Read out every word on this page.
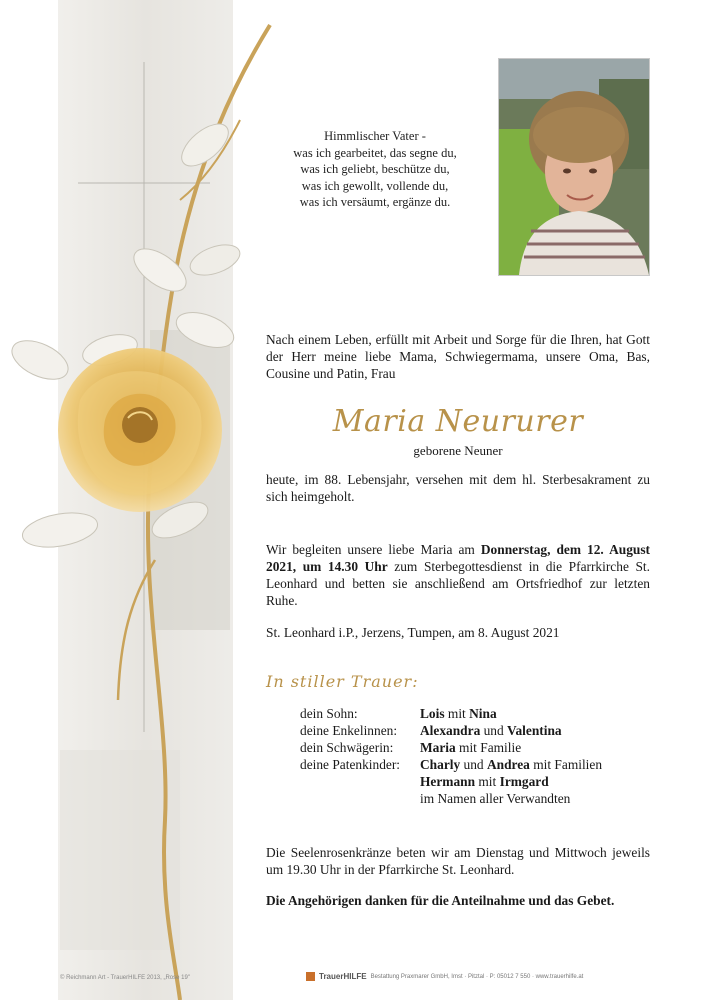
Himmlischer Vater -
was ich gearbeitet, das segne du,
was ich geliebt, beschütze du,
was ich gewollt, vollende du,
was ich versäumt, ergänze du.
Nach einem Leben, erfüllt mit Arbeit und Sorge für die Ihren, hat Gott der Herr meine liebe Mama, Schwiegermama, unsere Oma, Bas, Cousine und Patin, Frau
Maria Neururer
geborene Neuner
heute, im 88. Lebensjahr, versehen mit dem hl. Sterbesakrament zu sich heimgeholt.
Wir begleiten unsere liebe Maria am Donnerstag, dem 12. August 2021, um 14.30 Uhr zum Sterbegottesdienst in die Pfarrkirche St. Leonhard und betten sie anschließend am Ortsfriedhof zur letzten Ruhe.
St. Leonhard i.P., Jerzens, Tumpen, am 8. August 2021
In stiller Trauer:
dein Sohn:	Lois mit Nina
deine Enkelinnen: Alexandra und Valentina
dein Schwägerin: Maria mit Familie
deine Patenkinder: Charly und Andrea mit Familien
Hermann mit Irmgard
im Namen aller Verwandten
Die Seelenrosenkränze beten wir am Dienstag und Mittwoch jeweils um 19.30 Uhr in der Pfarrkirche St. Leonhard.
Die Angehörigen danken für die Anteilnahme und das Gebet.
© Reichmann Art - TrauerHILFE 2013, „Rose 19"	TrauerHILFE Bestattung Praxmarer GmbH, Imst · Pitztal · P: 05012 7 550 · www.trauerhilfe.at
